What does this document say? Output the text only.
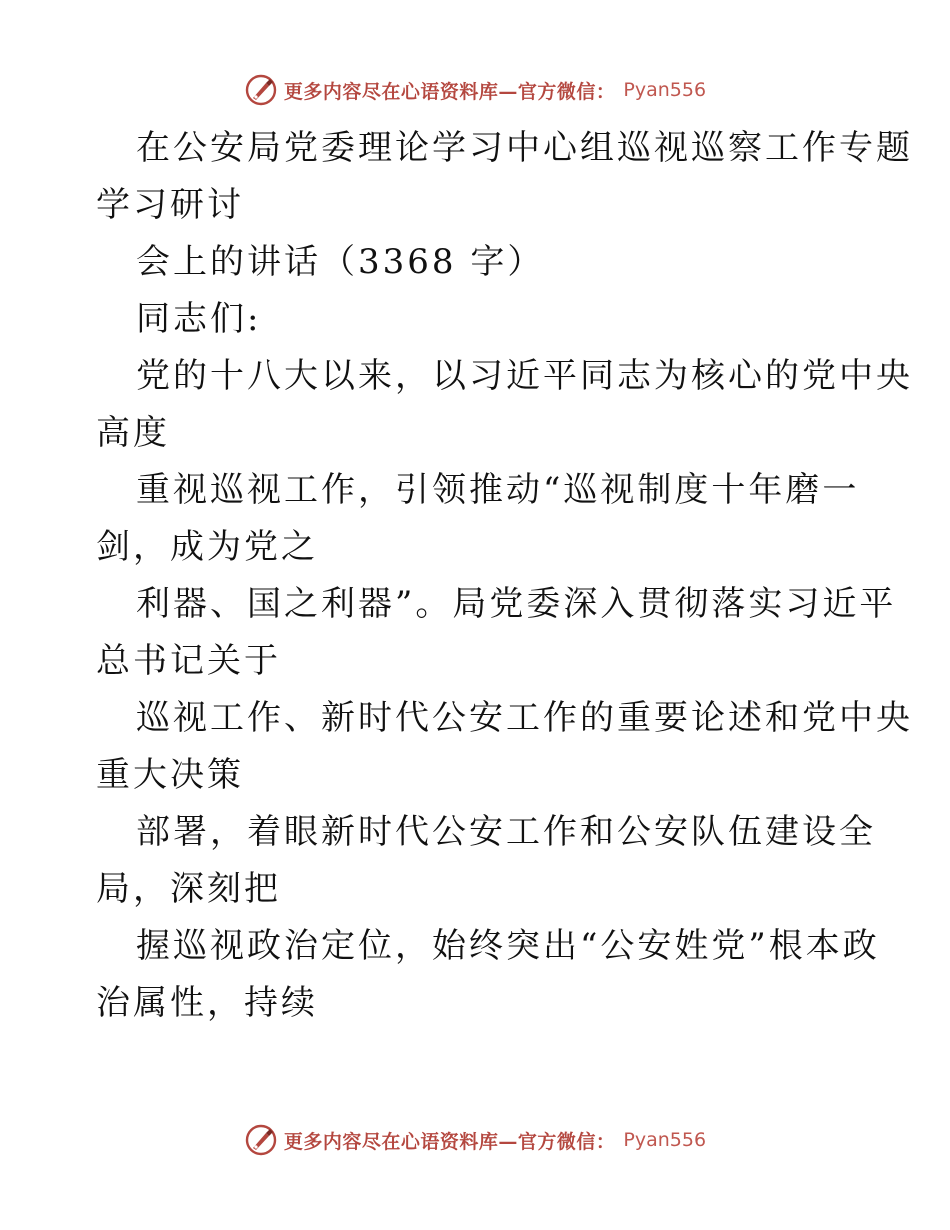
更多内容尽在心语资料库—官方微信： Pyan556
在公安局党委理论学习中心组巡视巡察工作专题
学习研讨
会上的讲话（3368 字）
同志们:
党的十八大以来，以习近平同志为核心的党中央
高度
重视巡视工作，引领推动“巡视制度十年磨一
剑，成为党之
利器、国之利器”。局党委深入贯彻落实习近平
总书记关于
巡视工作、新时代公安工作的重要论述和党中央
重大决策
部署，着眼新时代公安工作和公安队伍建设全
局，深刻把
握巡视政治定位，始终突出“公安姓党”根本政
治属性，持续
更多内容尽在心语资料库—官方微信： Pyan556
